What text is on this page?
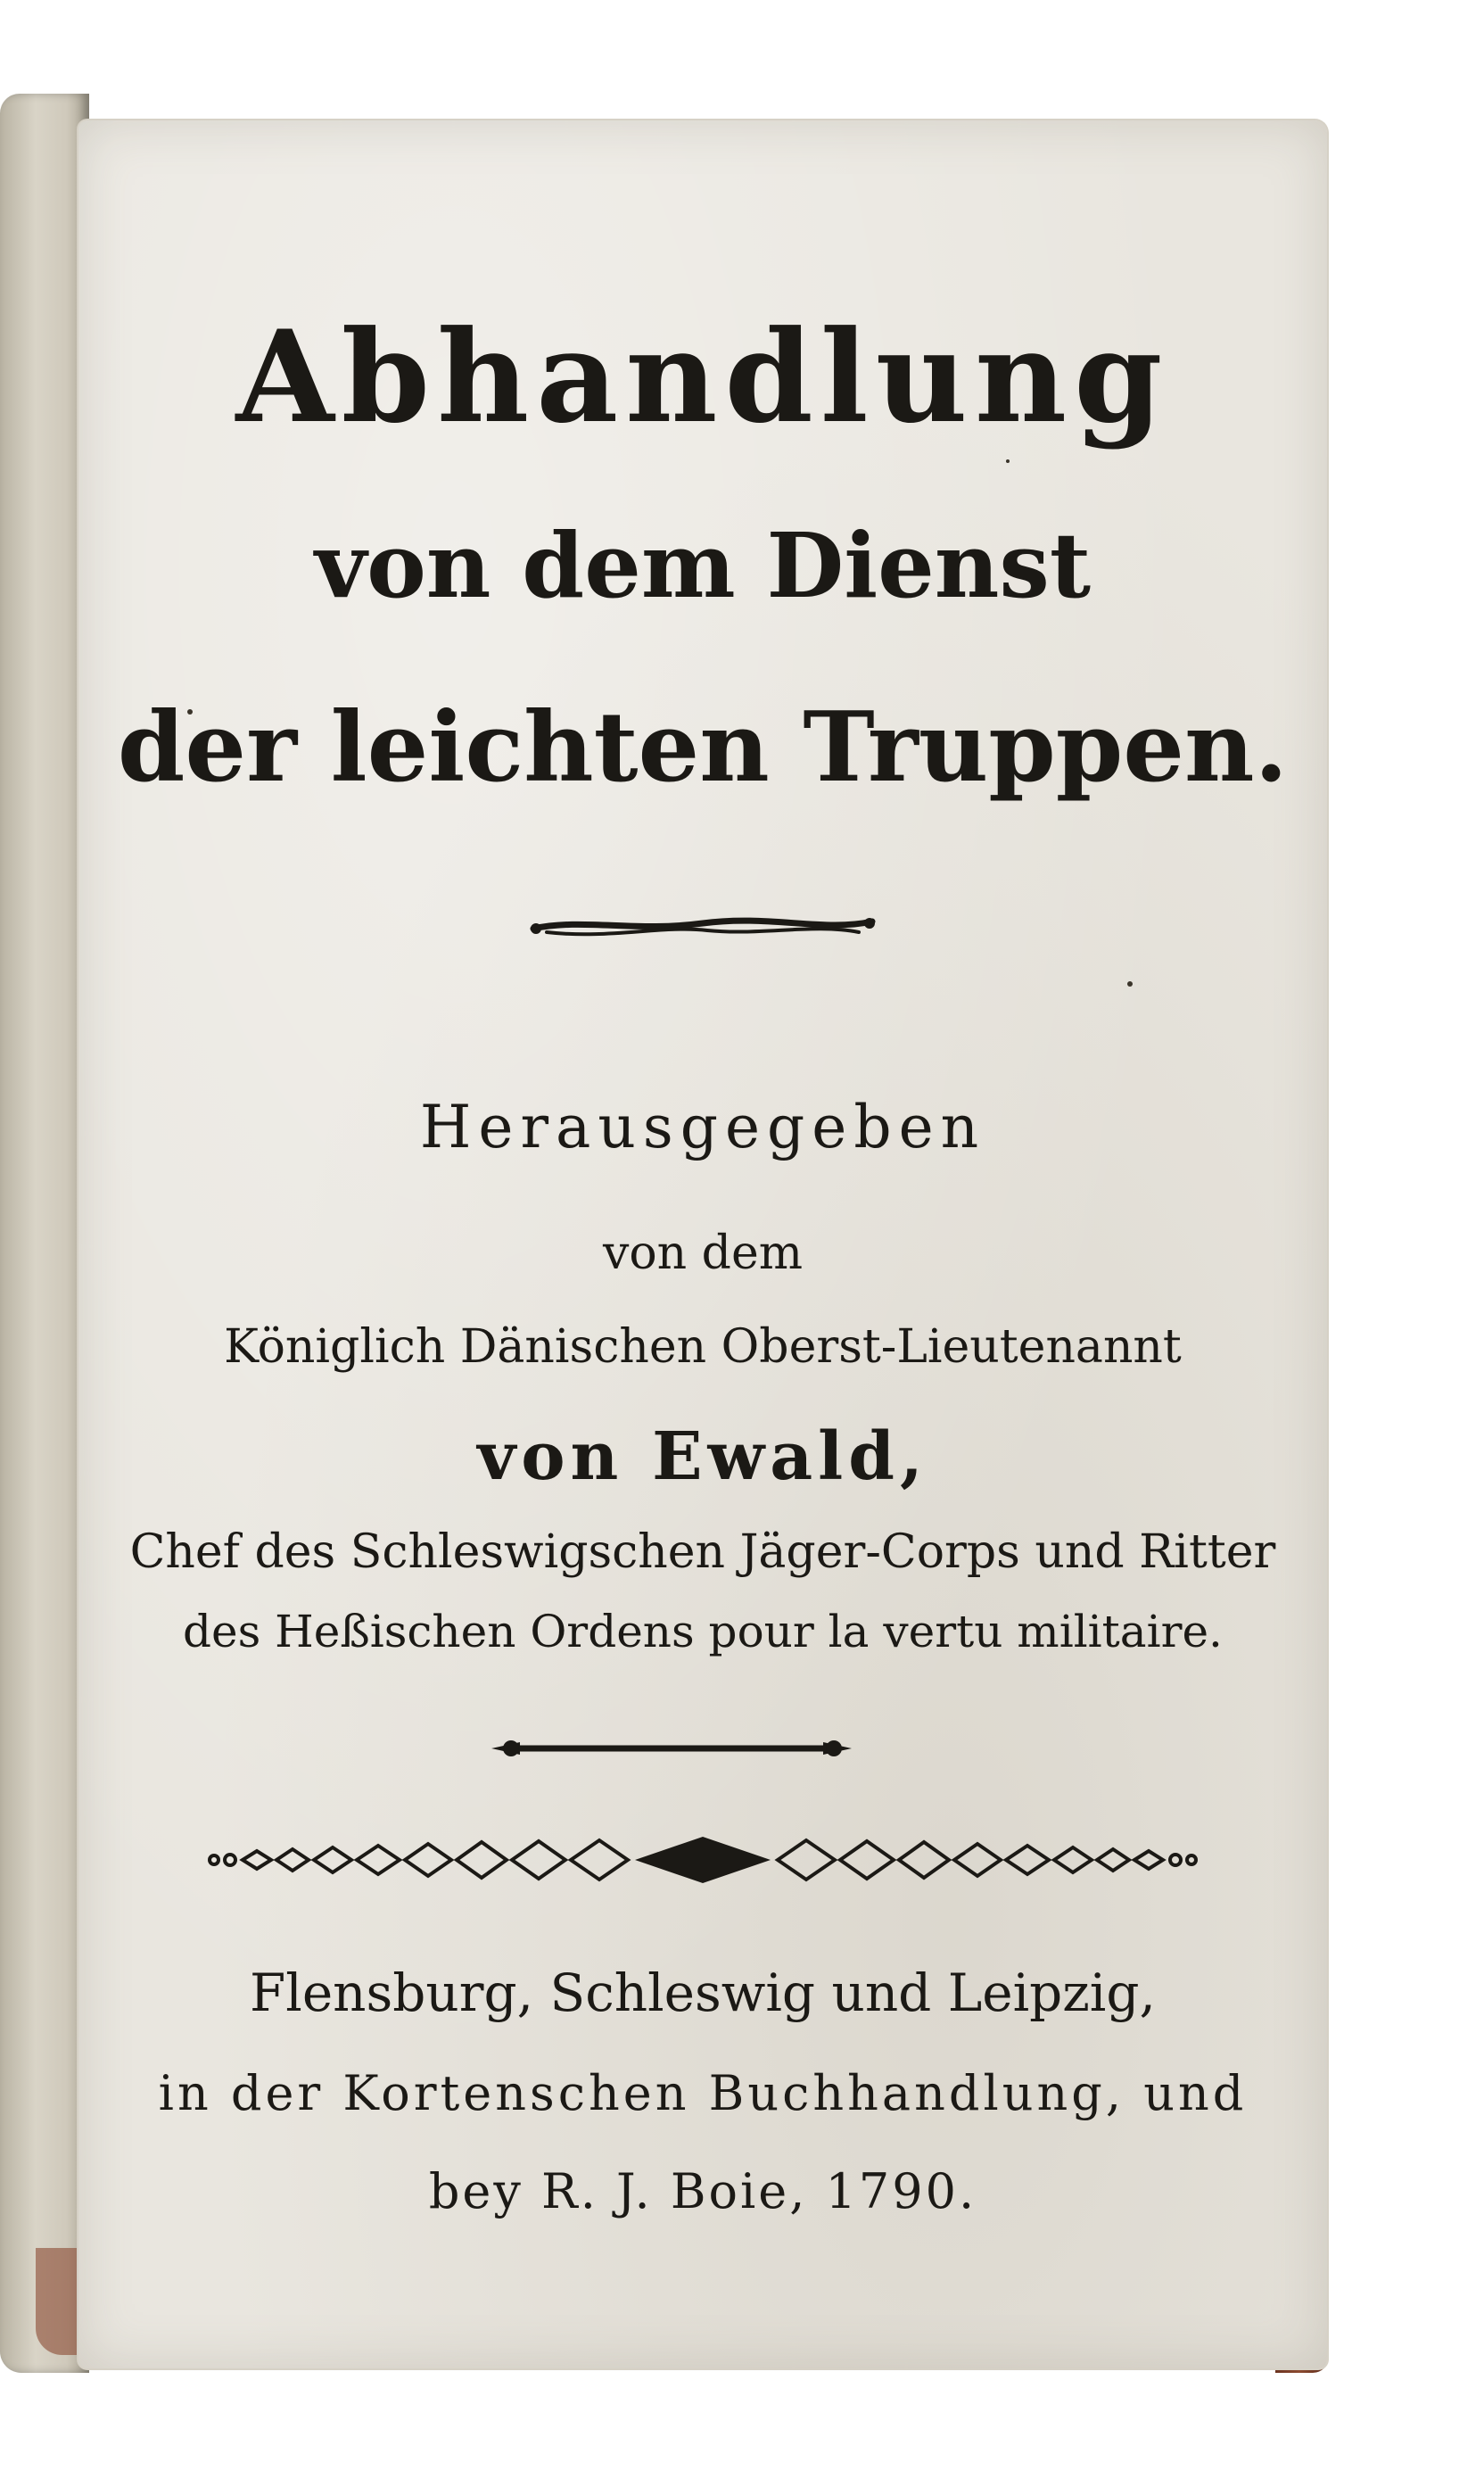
Abhandlung
von dem Dienst
der leichten Truppen.
Herausgegeben
von dem
Königlich Dänischen Oberst-Lieutenannt
von Ewald,
Chef des Schleswigschen Jäger-Corps und Ritter
des Heßischen Ordens pour la vertu militaire.
Flensburg, Schleswig und Leipzig,
in der Kortenschen Buchhandlung, und
bey R. J. Boie, 1790.
